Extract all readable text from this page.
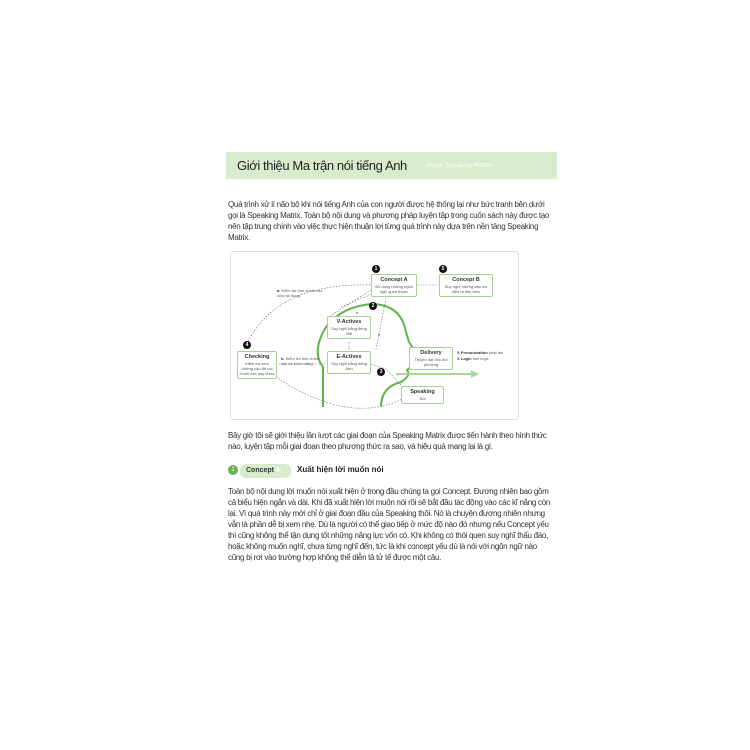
Giới thiệu Ma trận nói tiếng Anh	About Speaking Matrix
Quá trình xử lí não bộ khi nói tiếng Anh của con người được hệ thống lại như bức tranh bên dưới gọi là Speaking Matrix. Toàn bộ nội dung và phương pháp luyện tập trong cuốn sách này được tạo nên tập trung chính vào việc thực hiện thuận lợi từng quá trình này dựa trên nền tảng Speaking Matrix.
1
Concept A
Sử dụng những ngôn ngữ quen thuộc
5
Concept B
Suy nghĩ những câu nói diễn ra tiếp theo
2
a
b
V-Actives
Suy nghĩ bằng tiếng Việt
E-Actives
Suy nghĩ bằng tiếng Anh
3
4
Checking
Kiểm tra xem những câu đã nói chính xác hay chưa
a. Kiểm tra tính chính xác của nội dung
b. Kiểm tra tính chính xác về chức năng
Delivery
Truyền đạt cho đối phương
X Pronunciation phát âm
X Logic tính logic
Speaking
Nói
Bây giờ tôi sẽ giới thiệu lần lượt các giai đoạn của Speaking Matrix được tiến hành theo hình thức nào, luyện tập mỗi giai đoạn theo phương thức ra sao, và hiệu quả mang lại là gì.
1 Concept A Xuất hiện lời muốn nói
Toàn bộ nội dung lời muốn nói xuất hiện ở trong đầu chúng ta gọi Concept. Đương nhiên bao gồm cả biểu hiện ngắn và dài. Khi đã xuất hiện lời muốn nói rồi sẽ bắt đầu tác động vào các kĩ năng còn lại. Vì quá trình này mới chỉ ở giai đoạn đầu của Speaking thôi. Nó là chuyện đương nhiên nhưng vẫn là phần dễ bị xem nhẹ. Dù là người có thể giao tiếp ở mức độ nào đó nhưng nếu Concept yếu thì cũng không thể tận dụng tốt những năng lực vốn có. Khi không có thói quen suy nghĩ thấu đáo, hoặc không muốn nghĩ, chưa từng nghĩ đến, tức là khi concept yếu dù là nói với ngôn ngữ nào cũng bị rơi vào trường hợp không thể diễn tả tử tế được một câu.
